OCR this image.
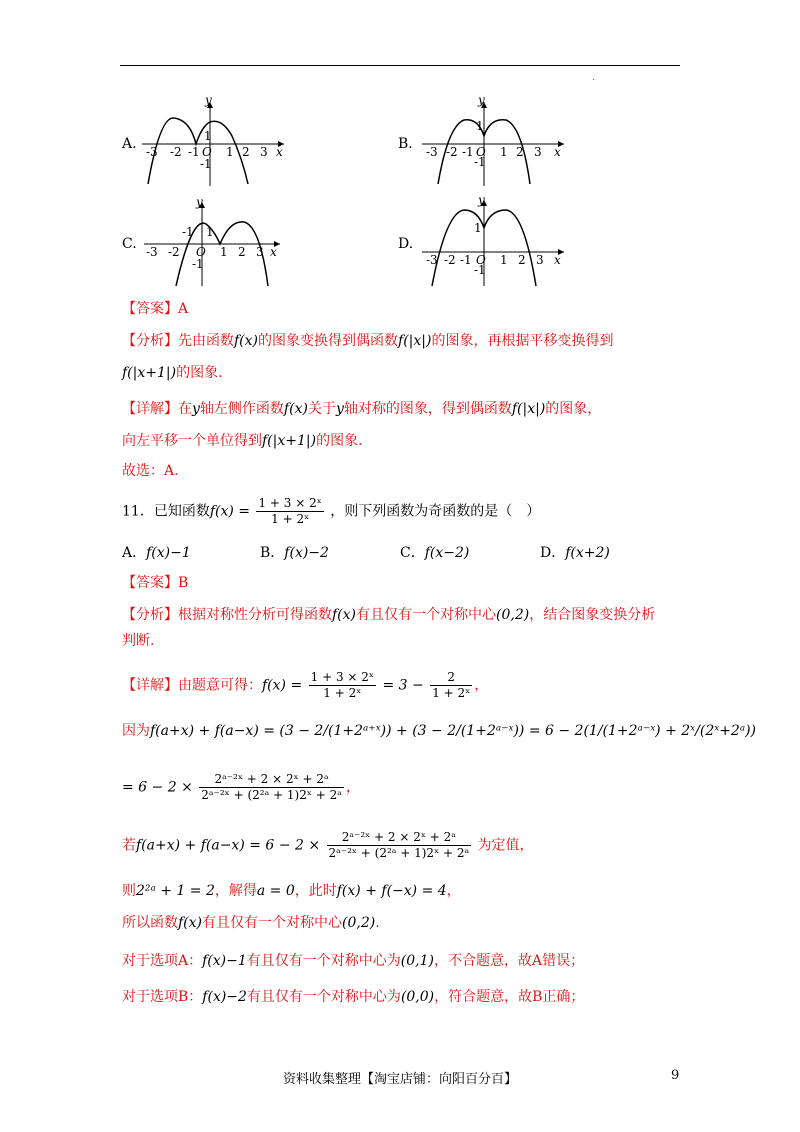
.
A.
y
x
-3 -2 -1 O 1 2 3
1
-1
B.
y
x
-3 -2 -1 O 1 2 3
1
-1
C.
y
x
-3 -2 O 1 2 3
-1 1
-1
D.
y
x
-3 -2 -1 O 1 2 3
1
-1
【答案】A
【分析】先由函数f(x)的图象变换得到偶函数f(|x|)的图象，再根据平移变换得到
f(|x+1|)的图象.
【详解】在y轴左侧作函数f(x)关于y轴对称的图象，得到偶函数f(|x|)的图象，
向左平移一个单位得到f(|x+1|)的图象.
故选：A.
11．已知函数$f(x) = \frac{\text{1 + 3 × 2ˣ}}{\text{1 + 2ˣ}}$ ，则下列函数为奇函数的是（　）
A．f(x)−1	B．f(x)−2	C．f(x−2)	D．f(x+2)
【答案】B
【分析】根据对称性分析可得函数f(x)有且仅有一个对称中心(0,2)，结合图象变换分析
判断.
【详解】由题意可得：$f(x) = \frac{\text{1 + 3 × 2ˣ}}{\text{1 + 2ˣ}} = 3 - \frac{2}{\text{1 + 2ˣ}}$ ，
因为f(a+x) + f(a−x) = (3 − 2/(1+2ᵃ⁺ˣ)) + (3 − 2/(1+2ᵃ⁻ˣ)) = 6 − 2(1/(1+2ᵃ⁻ˣ) + 2ˣ/(2ˣ+2ᵃ))
= $6 - 2 \times \frac{\text{2ᵃ⁻²ˣ + 2 × 2ˣ + 2ᵃ}}{\text{2ᵃ⁻²ˣ + (2²ᵃ + 1)2ˣ + 2ᵃ}}$ ，
若$f(a+x) + f(a-x) = 6 - 2 \times \frac{\text{2ᵃ⁻²ˣ + 2 × 2ˣ + 2ᵃ}}{\text{2ᵃ⁻²ˣ + (2²ᵃ + 1)2ˣ + 2ᵃ}}$ 为定值，
则2²ᵃ + 1 = 2，解得a = 0，此时f(x) + f(−x) = 4，
所以函数f(x)有且仅有一个对称中心(0,2).
对于选项A：f(x)−1有且仅有一个对称中心为(0,1)，不合题意，故A错误；
对于选项B：f(x)−2有且仅有一个对称中心为(0,0)，符合题意，故B正确；
资料收集整理【淘宝店铺：向阳百分百】	9
